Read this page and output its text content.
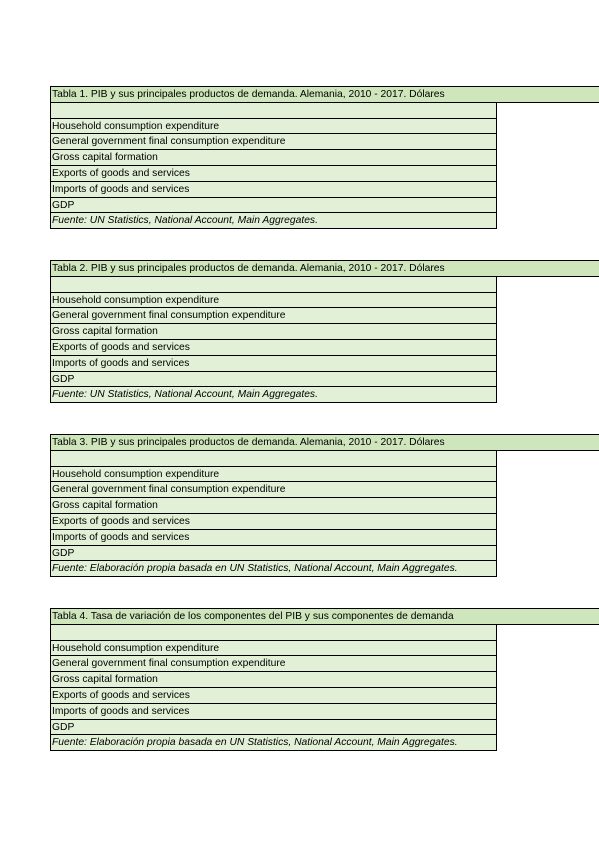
Tabla 1. PIB y sus principales productos de demanda. Alemania, 2010 - 2017. Dólares
Household consumption expenditure
General government final consumption expenditure
Gross capital formation
Exports of goods and services
Imports of goods and services
GDP
Fuente: UN Statistics, National Account, Main Aggregates.
Tabla 2. PIB y sus principales productos de demanda. Alemania, 2010 - 2017. Dólares
Household consumption expenditure
General government final consumption expenditure
Gross capital formation
Exports of goods and services
Imports of goods and services
GDP
Fuente: UN Statistics, National Account, Main Aggregates.
Tabla 3. PIB y sus principales productos de demanda. Alemania, 2010 - 2017. Dólares
Household consumption expenditure
General government final consumption expenditure
Gross capital formation
Exports of goods and services
Imports of goods and services
GDP
Fuente: Elaboración propia basada en UN Statistics, National Account, Main Aggregates.
Tabla 4. Tasa de variación de los componentes del PIB y sus componentes de demanda
Household consumption expenditure
General government final consumption expenditure
Gross capital formation
Exports of goods and services
Imports of goods and services
GDP
Fuente: Elaboración propia basada en UN Statistics, National Account, Main Aggregates.
